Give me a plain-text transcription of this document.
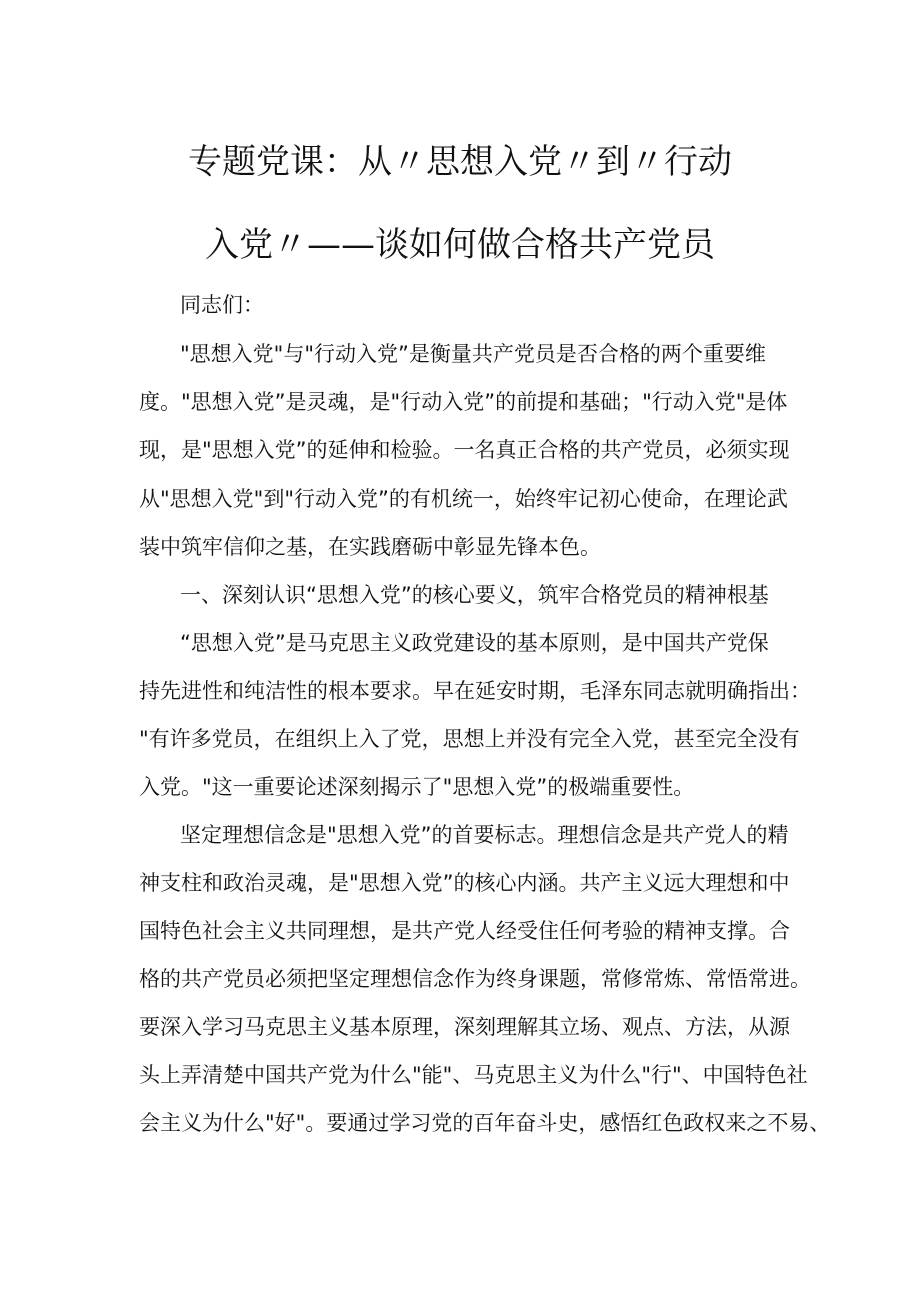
专题党课：从〃思想入党〃到〃行动
入党〃——谈如何做合格共产党员
同志们：
"思想入党"与"行动入党”是衡量共产党员是否合格的两个重要维
度。"思想入党”是灵魂，是"行动入党”的前提和基础；"行动入党"是体
现，是"思想入党”的延伸和检验。一名真正合格的共产党员，必须实现
从"思想入党"到"行动入党”的有机统一，始终牢记初心使命，在理论武
装中筑牢信仰之基，在实践磨砺中彰显先锋本色。
一、深刻认识“思想入党”的核心要义，筑牢合格党员的精神根基
“思想入党”是马克思主义政党建设的基本原则，是中国共产党保
持先进性和纯洁性的根本要求。早在延安时期，毛泽东同志就明确指出：
"有许多党员，在组织上入了党，思想上并没有完全入党，甚至完全没有
入党。"这一重要论述深刻揭示了"思想入党”的极端重要性。
坚定理想信念是"思想入党”的首要标志。理想信念是共产党人的精
神支柱和政治灵魂，是"思想入党”的核心内涵。共产主义远大理想和中
国特色社会主义共同理想，是共产党人经受住任何考验的精神支撑。合
格的共产党员必须把坚定理想信念作为终身课题，常修常炼、常悟常进。
要深入学习马克思主义基本原理，深刻理解其立场、观点、方法，从源
头上弄清楚中国共产党为什么"能"、马克思主义为什么"行"、中国特色社
会主义为什么"好"。要通过学习党的百年奋斗史，感悟红色政权来之不易、
